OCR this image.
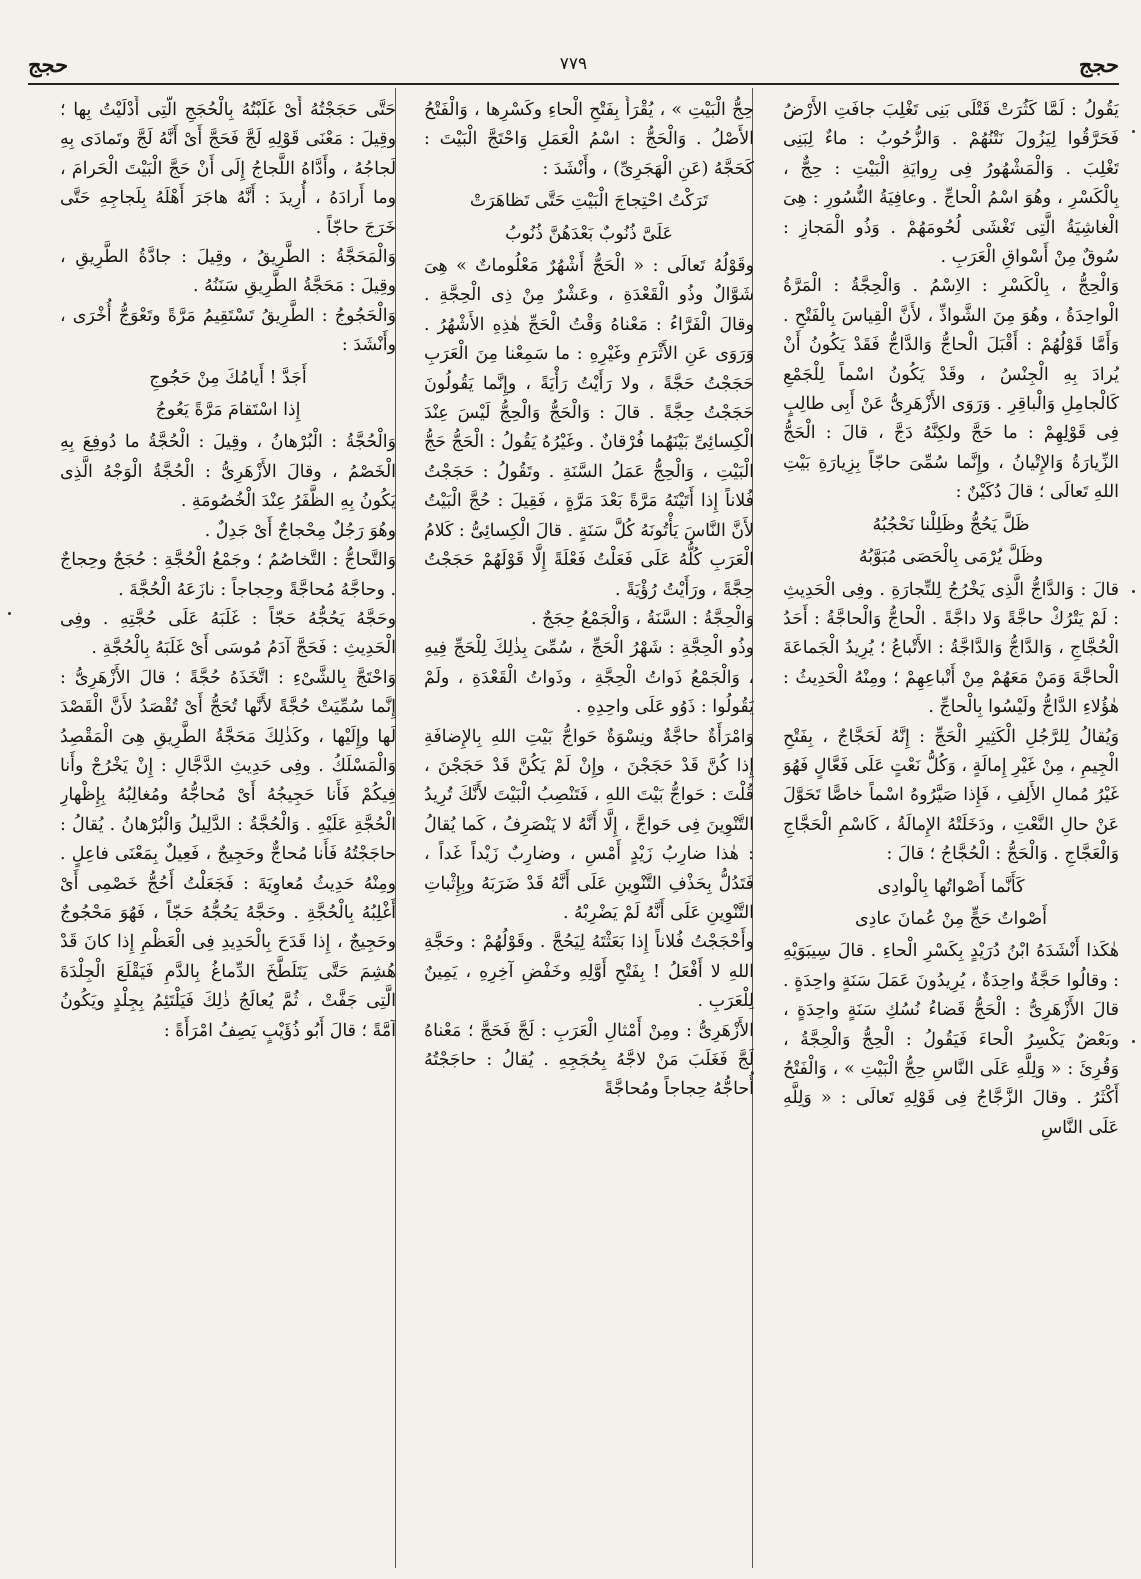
حجج
٧٧٩
حجج

يَقُولُ : لَمَّا كَثُرَتْ قَتْلَى بَنِى تَغْلِبَ جافَتِ الأَرْضُ فَحَرَّقُوا لِيَزُولَ نَتْنُهُمْ . وَالزُّحُوبُ : ماءٌ لِبَنِى تَغْلِبَ . وَالْمَشْهُورُ فِى رِوايَةِ الْبَيْتِ : حِجٌّ ، بِالْكَسْرِ ، وهُوَ اسْمُ الْحاجِّ . وعافِيَةُ النُّسُورِ : هِىَ الْغاشِيَةُ الَّتِى تَغْشَى لُحُومَهُمْ . وَذُو الْمَجازِ : سُوقٌ مِنْ أَسْواقِ الْعَرَبِ .

وَالْحِجُّ ، بِالْكَسْرِ : الاِسْمُ . وَالْحِجَّةُ : الْمَرَّةُ الْواحِدَةُ ، وهُوَ مِنَ الشَّواذِّ ، لأَنَّ الْقِياسَ بِالْفَتْحِ . وَأَمَّا قَوْلُهُمْ : أَقْبَلَ الْحاجُّ وَالدَّاجُّ فَقَدْ يَكُونُ أَنْ يُرادَ بِهِ الْجِنْسُ ، وقَدْ يَكُونُ اسْماً لِلْجَمْعِ كَالْجامِلِ وَالْباقِرِ . وَرَوَى الأَزْهَرِىُّ عَنْ أَبِى طالِبٍ فِى قَوْلِهِمْ : ما حَجَّ ولكِنَّهُ دَجَّ ، قالَ : الْحَجُّ الزِّيارَةُ وَالإِتْيانُ ، وإِنَّما سُمِّىَ حاجّاً بِزِيارَةِ بَيْتِ اللهِ تَعالَى ؛ قالَ دُكَيْنٌ :

ظَلَّ يَحُجُّ وظَلِلْنا نَحْجُبُهُ

وظَلَّ يُرْمَى بِالْحَصَى مُبَوَّبُهُ

قالَ : وَالدَّاجُّ الَّذِى يَخْرُجُ لِلتِّجارَةِ . وفِى الْحَدِيثِ : لَمْ يَتْرُكْ حاجَّةً وَلا داجَّةً . الْحاجُّ وَالْحاجَّةُ : أَحَدُ الْحُجَّاجِ ، وَالدَّاجُّ وَالدَّاجَّةُ : الأَتْباعُ ؛ يُرِيدُ الْجَماعَةَ الْحاجَّةَ وَمَنْ مَعَهُمْ مِنْ أَتْباعِهِمْ ؛ ومِنْهُ الْحَدِيثُ : هٰؤُلاءِ الدَّاجُّ ولَيْسُوا بِالْحاجِّ .

وَيُقالُ لِلرَّجُلِ الْكَثِيرِ الْحَجِّ : إِنَّهُ لَحَجَّاجٌ ، بِفَتْحِ الْجِيمِ ، مِنْ غَيْرِ إِمالَةٍ ، وَكُلُّ نَعْتٍ عَلَى فَعَّالٍ فَهُوَ غَيْرُ مُمالِ الأَلِفِ ، فَإِذا صَيَّرُوهُ اسْماً خاصًّا تَحَوَّلَ عَنْ حالِ النَّعْتِ ، ودَخَلَتْهُ الإِمالَةُ ، كَاسْمِ الْحَجَّاجِ وَالْعَجَّاجِ . وَالْحَجُّ : الْحُجَّاجُ ؛ قالَ :

كَأَنَّما أَصْواتُها بِالْوادِى

أَصْواتُ حَجٍّ مِنْ عُمانَ عادِى

هٰكَذا أَنْشَدَهُ ابْنُ دُرَيْدٍ بِكَسْرِ الْحاءِ . قالَ سِيبَوَيْهِ : وقالُوا حَجَّةٌ واحِدَةٌ ، يُرِيدُونَ عَمَلَ سَنَةٍ واحِدَةٍ . قالَ الأَزْهَرِىُّ : الْحَجُّ قَضاءُ نُسُكِ سَنَةٍ واحِدَةٍ ، وبَعْضٌ يَكْسِرُ الْحاءَ فَيَقُولُ : الْحِجُّ وَالْحِجَّةُ ، وَقُرِئَ : « وَلِلَّهِ عَلَى النَّاسِ حِجُّ الْبَيْتِ » ، وَالْفَتْحُ أَكْثَرُ . وقالَ الزَّجَّاجُ فِى قَوْلِهِ تَعالَى : « وَلِلَّهِ عَلَى النَّاسِ

حِجُّ الْبَيْتِ » ، يُقْرَأُ بِفَتْحِ الْحاءِ وكَسْرِها ، وَالْفَتْحُ الأَصْلُ . وَالْحَجُّ : اسْمُ الْعَمَلِ وَاحْتَجَّ الْبَيْتَ : كَحَجَّهُ (عَنِ الْهَجَرِىِّ) ، وأَنْشَدَ :

تَرَكْتُ احْتِجاجَ الْبَيْتِ حَتَّى تَظاهَرَتْ

عَلَىَّ ذُنُوبٌ بَعْدَهُنَّ ذُنُوبُ

وقَوْلُهُ تَعالَى : « الْحَجُّ أَشْهُرٌ مَعْلُوماتٌ » هِىَ شَوَّالٌ وذُو الْقَعْدَةِ ، وعَشْرٌ مِنْ ذِى الْحِجَّةِ . وقالَ الْفَرَّاءُ : مَعْناهُ وَقْتُ الْحَجِّ هٰذِهِ الأَشْهُرُ . وَرَوَى عَنِ الأَثْرَمِ وغَيْرِهِ : ما سَمِعْنا مِنَ الْعَرَبِ حَجَجْتُ حَجَّةً ، ولا رَأَيْتُ رَأْيَةً ، وإِنَّما يَقُولُونَ حَجَجْتُ حِجَّةً . قالَ : وَالْحَجُّ وَالْحِجُّ لَيْسَ عِنْدَ الْكِسائِىِّ بَيْنَهُما فُرْقانٌ . وغَيْرُهُ يَقُولُ : الْحَجُّ حَجُّ الْبَيْتِ ، وَالْحِجُّ عَمَلُ السَّنَةِ . وتَقُولُ : حَجَجْتُ فُلاناً إِذا أَتَيْتَهُ مَرَّةً بَعْدَ مَرَّةٍ ، فَقِيلَ : حُجَّ الْبَيْتُ لأَنَّ النَّاسَ يَأْتُونَهُ كُلَّ سَنَةٍ . قالَ الْكِسائِىُّ : كَلامُ الْعَرَبِ كُلُّهُ عَلَى فَعَلْتُ فَعْلَةً إِلَّا قَوْلَهُمْ حَجَجْتُ حِجَّةً ، ورَأَيْتُ رُؤْيَةً .

وَالْحِجَّةُ : السَّنَةُ ، وَالْجَمْعُ حِجَجٌ .

وذُو الْحِجَّةِ : شَهْرُ الْحَجِّ ، سُمِّىَ بِذٰلِكَ لِلْحَجِّ فِيهِ ، وَالْجَمْعُ ذَواتُ الْحِجَّةِ ، وذَواتُ الْقَعْدَةِ ، ولَمْ يَقُولُوا : ذَوُو عَلَى واحِدِهِ .

وَامْرَأَةٌ حاجَّةٌ ونِسْوَةٌ حَواجُّ بَيْتِ اللهِ بِالإِضافَةِ إِذا كُنَّ قَدْ حَجَجْنَ ، وإِنْ لَمْ يَكُنَّ قَدْ حَجَجْنَ ، قُلْتَ : حَواجُّ بَيْتَ اللهِ ، فَتَنْصِبُ الْبَيْتَ لأَنَّكَ تُرِيدُ التَّنْوِينَ فِى حَواجَّ ، إِلَّا أَنَّهُ لا يَنْصَرِفُ ، كَما يُقالُ : هٰذا ضارِبُ زَيْدٍ أَمْسِ ، وضارِبٌ زَيْداً غَداً ، فَتَدُلُّ بِحَذْفِ التَّنْوِينِ عَلَى أَنَّهُ قَدْ ضَرَبَهُ وبِإِثْباتِ التَّنْوِينِ عَلَى أَنَّهُ لَمْ يَضْرِبْهُ .

وأَحْجَجْتُ فُلاناً إِذا بَعَثْتَهُ لِيَحُجَّ . وقَوْلُهُمْ : وحَجَّةِ اللهِ لا أَفْعَلُ ! بِفَتْحِ أَوَّلِهِ وخَفْضِ آخِرِهِ ، يَمِينٌ لِلْعَرَبِ .

الأَزْهَرِىُّ : ومِنْ أَمْثالِ الْعَرَبِ : لَجَّ فَحَجَّ ؛ مَعْناهُ لَجَّ فَغَلَبَ مَنْ لاجَّهُ بِحُجَجِهِ . يُقالُ : حاجَجْتُهُ أُحاجُّهُ حِجاجاً ومُحاجَّةً

حَتَّى حَجَجْتُهُ أَىْ غَلَبْتُهُ بِالْحُجَجِ الَّتِى أَدْلَيْتُ بِها ؛ وقِيلَ : مَعْنَى قَوْلِهِ لَجَّ فَحَجَّ أَىْ أَنَّهُ لَجَّ وتَمادَى بِهِ لَجاجُهُ ، وأَدَّاهُ اللَّجاجُ إِلَى أَنْ حَجَّ الْبَيْتَ الْحَرامَ ، وما أَرادَهُ ، أُرِيدَ : أَنَّهُ هاجَرَ أَهْلَهُ بِلَجاجِهِ حَتَّى خَرَجَ حاجّاً .

وَالْمَحَجَّةُ : الطَّرِيقُ ، وقِيلَ : جادَّةُ الطَّرِيقِ ، وقِيلَ : مَحَجَّةُ الطَّرِيقِ سَنَنُهُ .

وَالْحَجُوجُ : الطَّرِيقُ تَسْتَقِيمُ مَرَّةً وتَعْوَجُّ أُخْرَى ، وأَنْشَدَ :

أَجَدَّ ! أَيامُكَ مِنْ حَجُوجِ

إِذا اسْتَقامَ مَرَّةً يَعُوجُ

وَالْحُجَّةُ : الْبُرْهانُ ، وقِيلَ : الْحُجَّةُ ما دُوفِعَ بِهِ الْخَصْمُ ، وقالَ الأَزْهَرِىُّ : الْحُجَّةُ الْوَجْهُ الَّذِى يَكُونُ بِهِ الظَّفَرُ عِنْدَ الْخُصُومَةِ .

وهُوَ رَجُلٌ مِحْجاجٌ أَىْ جَدِلٌ .

وَالتَّحاجُّ : التَّخاصُمُ ؛ وجَمْعُ الْحُجَّةِ : حُجَجٌ وحِجاجٌ . وحاجَّهُ مُحاجَّةً وحِجاجاً : نازَعَهُ الْحُجَّةَ .

وحَجَّهُ يَحُجُّهُ حَجّاً : غَلَبَهُ عَلَى حُجَّتِهِ . وفِى الْحَدِيثِ : فَحَجَّ آدَمُ مُوسَى أَىْ غَلَبَهُ بِالْحُجَّةِ .

وَاحْتَجَّ بِالشَّىْءِ : اتَّخَذَهُ حُجَّةً ؛ قالَ الأَزْهَرِىُّ : إِنَّما سُمِّيَتْ حُجَّةً لأَنَّها تُحَجُّ أَىْ تُقْصَدُ لأَنَّ الْقَصْدَ لَها وإِلَيْها ، وكَذٰلِكَ مَحَجَّةُ الطَّرِيقِ هِىَ الْمَقْصِدُ وَالْمَسْلَكُ . وفِى حَدِيثِ الدَّجَّالِ : إِنْ يَخْرُجْ وأَنا فِيكُمْ فَأَنا حَجِيجُهُ أَىْ مُحاجُّهُ ومُغالِبُهُ بِإِظْهارِ الْحُجَّةِ عَلَيْهِ . وَالْحُجَّةُ : الدَّلِيلُ وَالْبُرْهانُ . يُقالُ : حاجَجْتُهُ فَأَنا مُحاجٌّ وحَجِيجٌ ، فَعِيلٌ بِمَعْنَى فاعِلٍ . ومِنْهُ حَدِيثُ مُعاوِيَةَ : فَجَعَلْتُ أَحُجُّ خَصْمِى أَىْ أَغْلِبُهُ بِالْحُجَّةِ . وحَجَّهُ يَحُجُّهُ حَجّاً ، فَهُوَ مَحْجُوجٌ وحَجِيجٌ ، إِذا قَدَحَ بِالْحَدِيدِ فِى الْعَظْمِ إِذا كانَ قَدْ هُشِمَ حَتَّى يَتَلَطَّخَ الدِّماغُ بِالدَّمِ فَيَقْلَعَ الْجِلْدَةَ الَّتِى جَفَّتْ ، ثُمَّ يُعالَجُ ذٰلِكَ فَيَلْتَئِمُ بِجِلْدٍ ويَكُونُ آمَّةً ؛ قالَ أَبُو ذُؤَيْبٍ يَصِفُ امْرَأَةً :
